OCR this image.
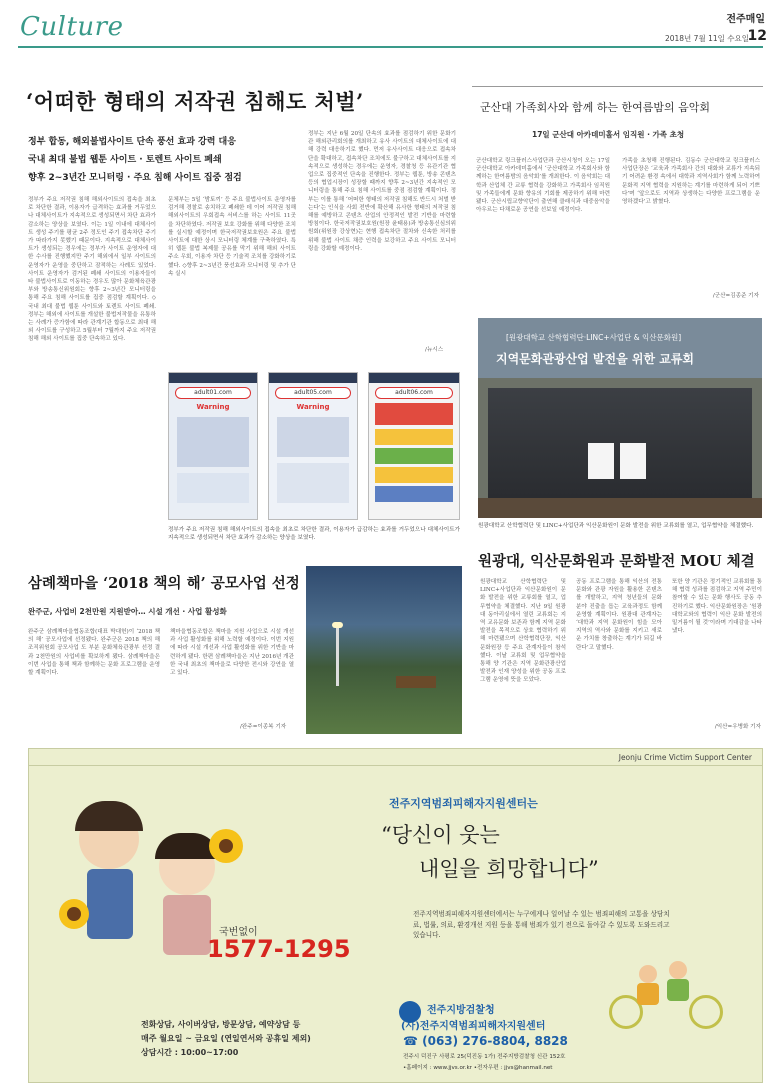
Culture	전주매일
2018년 7월 11일 수요일
12
‘어떠한 형태의 저작권 침해도 처벌’
정부 합동, 해외불법사이트 단속 풍선 효과 강력 대응
국내 최대 불법 웹툰 사이트 · 토렌트 사이트 폐쇄
향후 2~3년간 모니터링 · 주요 침해 사이트 집중 점검

정부가 주요 저작권 침해 해외사이트의 접속을 최초로 차단한 결과, 이용자가 급격하는 효과를 거두었으나 대체사이트가 지속적으로 생성되면서 차단 효과가 감소하는 양상을 보였다. 이는 1일 이내에 대체사이트 생성 주기를 평균 2주 정도인 주기 접속차단 주기가 따라가지 못했기 때문이다. 지속적으로 대체사이트가 생성되는 경우에는 정부가 사이트 운영자에 대한 수사를 진행했지만 주기 해외에서 일부 사이트의 운영자가 운영을 중단하고 잠적하는 사례도 있었다. 사이트 운영자가 검거된 폐쇄 사이트의 이용자들이 타 불법사이트로 이동하는 경우도 많아 문화체육관광부와 방송통신위원회는 향후 2~3년간 모니터링을 통해 주요 침해 사이트를 집중 점검할 계획이다. ◇ 국내 최대 불법 웹툰 사이트와 토렌트 사이트 폐쇄. 정부는 해외에 사이트를 개설한 불법저작물을 유통하는 사례가 증가함에 따라 관계기관 합동으로 최대 해외 사이트를 구성하고 5월부터 7월까지 주요 저작권 침해 해외 사이트를 집중 단속하고 있다.

문체부는 5일 ‘밤토끼’ 등 주요 불법사이트 운영자를 검거해 경찰로 송치하고 폐쇄한 데 이어 저작권 침해 해외사이트의 우회접속 서비스를 하는 사이트 11곳을 차단하였다. 저작권 보호 강화를 위해 다양한 조치를 실시할 예정이며 한국저작권보호원은 주요 불법 사이트에 대한 상시 모니터링 체계를 구축하였다. 특히 웹툰 불법 복제물 공유를 막기 위해 해외 사이트 주소 우회, 이용자 차단 등 기술적 조치를 강화하기로 했다. ◇향후 2~3년간 풍선효과 모니터링 및 추가 단속 실시

정부는 지난 6월 20일 단속의 효과를 점검하기 위한 문화기관 해외관리회의를 개최하고 유사 사이트의 대체사이트에 대해 강력 대응하기로 했다. 먼저 유사사이트 대응으로 접속차단을 확대하고, 접속차단 조치에도 불구하고 대체사이트를 지속적으로 생성하는 경우에는 운영자, 경찰청 등 유관기관 협업으로 집중적인 단속을 진행한다. 정부는 웹툰, 방송 콘텐츠 등의 협업시장이 성장할 때까지 향후 2~3년간 지속적인 모니터링을 통해 주요 침해 사이트를 중점 점검할 계획이다. 정부는 이를 통해 ‘어떠한 형태의 저작권 침해도 반드시 처벌 받는다’는 인식을 사회 전반에 확산해 유사한 형태의 저작권 침해를 예방하고 콘텐츠 산업의 안정적인 발전 기반을 마련할 방침이다. 한국저작권보호원(원장 윤태용)과 방송통신심의위원회(위원장 강상현)는 현행 접속차단 절차와 신속한 처리를 위해 불법 사이트 채증 인력을 보강하고 주요 사이트 모니터링을 강화할 예정이다.

/뉴시스
adult01.com
Warning
adult05.com
Warning
adult06.com

정부가 주요 저작권 침해 해외사이트의 접속을 최초로 차단한 결과, 이용자가 급감하는 효과를 거두었으나 대체사이트가 지속적으로 생성되면서 차단 효과가 감소하는 양상을 보였다.

군산대 가족회사와 함께 하는 한여름밤의 음악회
17일 군산대 아카데미홀서 임직원 · 가족 초청

군산대학교 링크플러스사업단과 군산시청이 오는 17일 군산대학교 아카데미홀에서 ‘군산대학교 가족회사와 함께하는 한여름밤의 음악회’를 개최한다. 이 음악회는 대학과 산업체 간 교류 협력을 강화하고 가족회사 임직원 및 가족들에게 문화 향유의 기회를 제공하기 위해 마련됐다. 군산시립교향악단이 출연해 클래식과 대중음악을 아우르는 다채로운 공연을 선보일 예정이다.

가족을 초청해 진행된다. 김동수 군산대학교 링크플러스사업단장은 ‘교육과 가족회사 간의 대화와 교류가 지속되기 어려운 환경 속에서 대학과 지역사회가 함께 노력하여 문화적 지역 협력을 지원하는 계기를 마련하게 되어 기쁘다’며 ‘앞으로도 지역과 상생하는 다양한 프로그램을 운영하겠다’고 밝혔다.

/군산=김종준 기자
[원광대학교 산학협력단·LINC+사업단 & 익산문화원]
지역문화관광산업 발전을 위한 교류회

원광대학교 산학협력단 및 LINC+사업단과 익산문화원이 문화 발전을 위한 교류회를 열고, 업무협약을 체결했다.

원광대, 익산문화원과 문화발전 MOU 체결

원광대학교 산학협력단 및 LINC+사업단과 익산문화원이 문화 발전을 위한 교류회를 열고, 업무협약을 체결했다. 지난 9일 원광대 동아리실에서 열린 교류회는 지역 교유문화 보존과 함께 지역 문화발전을 목적으로 상호 협력하기 위해 마련됐으며 산학협력단장, 익산문화원장 등 주요 관계자들이 참석했다. 이날 교류회 및 업무협약을 통해 양 기관은 지역 문화관광산업 발전과 인재 양성을 위한 공동 프로그램 운영에 뜻을 모았다.

공동 프로그램을 통해 익산의 전통문화와 관광 자원을 활용한 콘텐츠를 개발하고, 지역 청년들의 문화 분야 진출을 돕는 교육과정도 함께 운영할 계획이다. 원광대 관계자는 ‘대학과 지역 문화원이 힘을 모아 지역의 역사와 문화를 지키고 새로운 가치를 창출하는 계기가 되길 바란다’고 말했다.

또한 양 기관은 정기적인 교류회를 통해 협력 성과를 점검하고 지역 주민이 참여할 수 있는 문화 행사도 공동 추진하기로 했다. 익산문화원장은 ‘원광대학교와의 협력이 익산 문화 발전의 밑거름이 될 것’이라며 기대감을 나타냈다.

/익산=우병화 기자
삼례책마을 ‘2018 책의 해’ 공모사업 선정
완주군, 사업비 2천만원 지원받아… 시설 개선 · 사업 활성화

완주군 삼례책마을협동조합(대표 박대헌)이 ‘2018 책의 해’ 공모사업에 선정됐다. 완주군은 2018 책의 해 조직위원회 공모사업 도 부분 문화체육관광부 선정 결과 2천만원의 사업비를 확보하게 됐다. 삼례책마을은 이번 사업을 통해 책과 함께하는 문화 프로그램을 운영할 계획이다.

책마을협동조합은 책마을 지원 사업으로 시설 개선과 사업 활성화를 위해 노력할 예정이다. 이번 지원에 따라 시설 개선과 사업 활성화를 위한 기반을 마련하게 됐다. 한편 삼례책마을은 지난 2016년 개관한 국내 최초의 책마을로 다양한 전시와 강연을 열고 있다.

/완주=이종복 기자
Jeonju Crime Victim Support Center
국번없이
1577-1295
전주지역범죄피해자지원센터는
“당신이 웃는
내일을 희망합니다”
전주지역범죄피해자지원센터에서는 누구에게나 일어날 수 있는 범죄피해의 고통을 상담치료, 법률, 의료, 환경개선 지원 등을 통해 범죄가 있기 전으로 돌아갈 수 있도록 도와드리고 있습니다.
전화상담, 사이버상담, 방문상담, 예약상담 등
매주 월요일 ~ 금요일 (연일연서와 공휴일 제외)
상담시간 : 10:00~17:00
전주지방검찰청
(사)전주지역범죄피해자지원센터
☎ (063) 276-8804, 8828
전주시 덕진구 사평로 25(덕진동 1가) 전주지방검찰청 신관 152호
•홈페이지 : www.jjvs.or.kr •전자우편 : jjvs@hanmail.net
